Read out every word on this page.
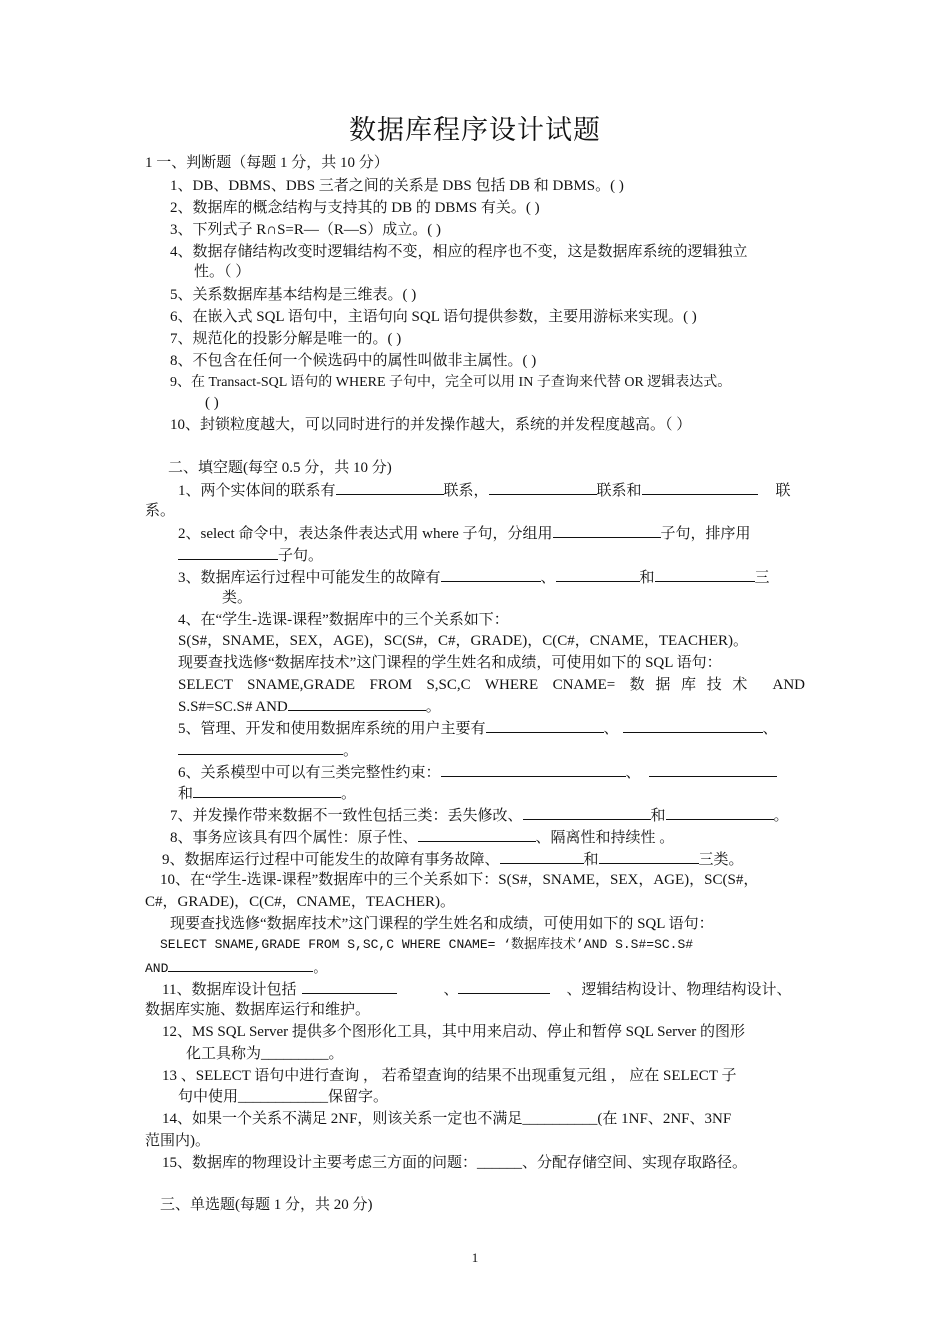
数据库程序设计试题
1 一、判断题（每题 1 分，共 10 分）
1、DB、DBMS、DBS 三者之间的关系是 DBS 包括 DB 和 DBMS。( )
2、数据库的概念结构与支持其的 DB 的 DBMS 有关。( )
3、下列式子 R∩S=R—（R—S）成立。( )
4、数据存储结构改变时逻辑结构不变，相应的程序也不变，这是数据库系统的逻辑独立
性。（ ）
5、关系数据库基本结构是三维表。( )
6、在嵌入式 SQL 语句中，主语句向 SQL 语句提供参数，主要用游标来实现。( )
7、规范化的投影分解是唯一的。( )
8、不包含在任何一个候选码中的属性叫做非主属性。( )
9、在 Transact-SQL 语句的 WHERE 子句中，完全可以用 IN 子查询来代替 OR 逻辑表达式。
( )
10、封锁粒度越大，可以同时进行的并发操作越大，系统的并发程度越高。（ ）
二、填空题(每空 0.5 分，共 10 分)
1、两个实体间的联系有	联系，	联系和	联
系。
2、select 命令中，表达条件表达式用 where 子句，分组用	子句，排序用
子句。
3、数据库运行过程中可能发生的故障有	、	和	三
类。
4、在“学生-选课-课程”数据库中的三个关系如下：
S(S#，SNAME，SEX，AGE)，SC(S#，C#，GRADE)，C(C#，CNAME，TEACHER)。
现要查找选修“数据库技术”这门课程的学生姓名和成绩，可使用如下的 SQL 语句：
SELECT SNAME,GRADE FROM S,SC,C WHERE CNAME= 数据库技术 AND
S.S#=SC.S# AND	。
5、管理、开发和使用数据库系统的用户主要有	、	、
。
6、关系模型中可以有三类完整性约束：	、
和	。
7、并发操作带来数据不一致性包括三类：丢失修改、	和	。
8、事务应该具有四个属性：原子性、	、隔离性和持续性 。
9、数据库运行过程中可能发生的故障有事务故障、	和	三类。
10、在“学生-选课-课程”数据库中的三个关系如下：S(S#，SNAME，SEX，AGE)，SC(S#，
C#，GRADE)，C(C#，CNAME，TEACHER)。
现要查找选修“数据库技术”这门课程的学生姓名和成绩，可使用如下的 SQL 语句：
SELECT SNAME,GRADE FROM S,SC,C WHERE CNAME= ‘数据库技术’AND S.S#=SC.S#
AND	。
11、数据库设计包括	、	、逻辑结构设计、物理结构设计、
数据库实施、数据库运行和维护。
12、MS SQL Server 提供多个图形化工具，其中用来启动、停止和暂停 SQL Server 的图形
化工具称为_________。
13 、SELECT 语句中进行查询 ， 若希望查询的结果不出现重复元组 ， 应在 SELECT 子
句中使用____________保留字。
14、如果一个关系不满足 2NF，则该关系一定也不满足__________(在 1NF、2NF、3NF
范围内)。
15、数据库的物理设计主要考虑三方面的问题：______、分配存储空间、实现存取路径。
三、单选题(每题 1 分，共 20 分)
1
